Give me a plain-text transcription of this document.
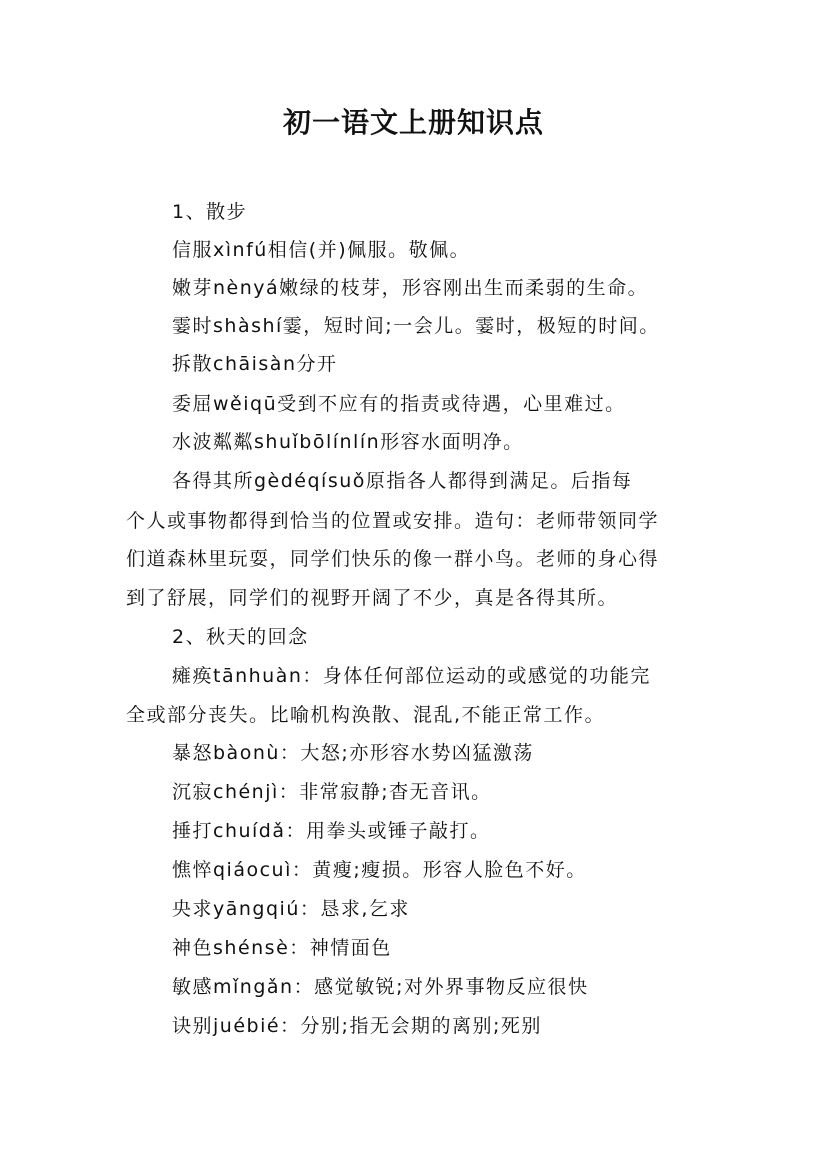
初一语文上册知识点
1、散步
信服xìnfú相信(并)佩服。敬佩。
嫩芽nènyá嫩绿的枝芽，形容刚出生而柔弱的生命。
霎时shàshí霎，短时间;一会儿。霎时，极短的时间。
拆散chāisàn分开
委屈wěiqū受到不应有的指责或待遇，心里难过。
水波粼粼shuǐbōlínlín形容水面明净。
各得其所gèdéqísuǒ原指各人都得到满足。后指每
个人或事物都得到恰当的位置或安排。造句：老师带领同学
们道森林里玩耍，同学们快乐的像一群小鸟。老师的身心得
到了舒展，同学们的视野开阔了不少，真是各得其所。
2、秋天的回念
瘫痪tānhuàn：身体任何部位运动的或感觉的功能完
全或部分丧失。比喻机构涣散、混乱,不能正常工作。
暴怒bàonù：大怒;亦形容水势凶猛激荡
沉寂chénjì：非常寂静;杳无音讯。
捶打chuídǎ：用拳头或锤子敲打。
憔悴qiáocuì：黄瘦;瘦损。形容人脸色不好。
央求yāngqiú：恳求,乞求
神色shénsè：神情面色
敏感mǐngǎn：感觉敏锐;对外界事物反应很快
诀别juébié：分别;指无会期的离别;死别
